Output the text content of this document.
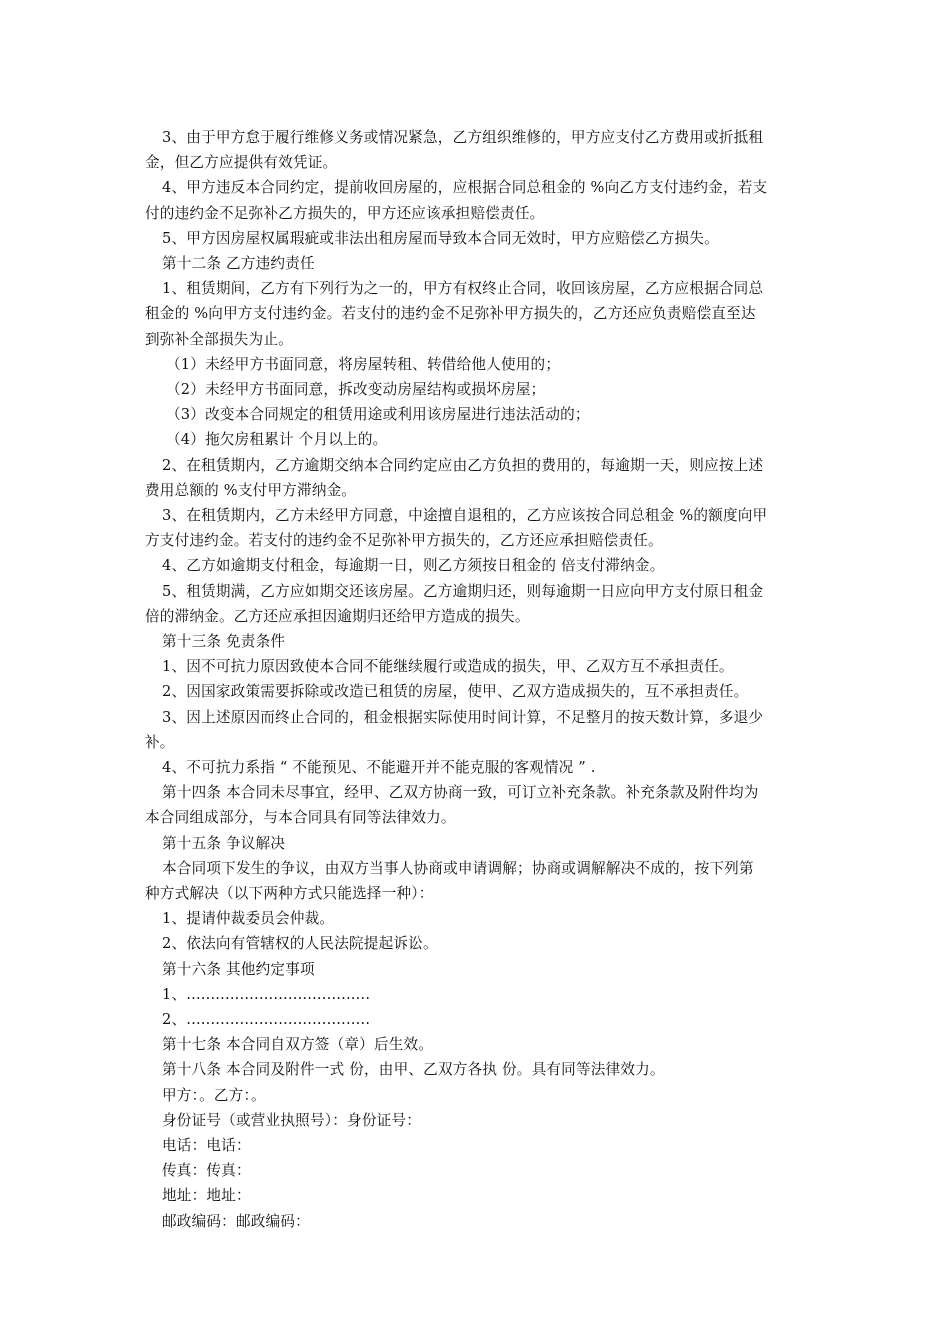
3、由于甲方怠于履行维修义务或情况紧急，乙方组织维修的，甲方应支付乙方费用或折抵租
金，但乙方应提供有效凭证。
4、甲方违反本合同约定，提前收回房屋的，应根据合同总租金的 %向乙方支付违约金，若支
付的违约金不足弥补乙方损失的，甲方还应该承担赔偿责任。
5、甲方因房屋权属瑕疵或非法出租房屋而导致本合同无效时，甲方应赔偿乙方损失。
第十二条 乙方违约责任
1、租赁期间，乙方有下列行为之一的，甲方有权终止合同，收回该房屋，乙方应根据合同总
租金的 %向甲方支付违约金。若支付的违约金不足弥补甲方损失的，乙方还应负责赔偿直至达
到弥补全部损失为止。
（1）未经甲方书面同意，将房屋转租、转借给他人使用的；
（2）未经甲方书面同意，拆改变动房屋结构或损坏房屋；
（3）改变本合同规定的租赁用途或利用该房屋进行违法活动的；
（4）拖欠房租累计 个月以上的。
2、在租赁期内，乙方逾期交纳本合同约定应由乙方负担的费用的，每逾期一天，则应按上述
费用总额的 %支付甲方滞纳金。
3、在租赁期内，乙方未经甲方同意，中途擅自退租的，乙方应该按合同总租金 %的额度向甲
方支付违约金。若支付的违约金不足弥补甲方损失的，乙方还应承担赔偿责任。
4、乙方如逾期支付租金，每逾期一日，则乙方须按日租金的 倍支付滞纳金。
5、租赁期满，乙方应如期交还该房屋。乙方逾期归还，则每逾期一日应向甲方支付原日租金
倍的滞纳金。乙方还应承担因逾期归还给甲方造成的损失。
第十三条 免责条件
1、因不可抗力原因致使本合同不能继续履行或造成的损失，甲、乙双方互不承担责任。
2、因国家政策需要拆除或改造已租赁的房屋，使甲、乙双方造成损失的，互不承担责任。
3、因上述原因而终止合同的，租金根据实际使用时间计算，不足整月的按天数计算，多退少
补。
4、不可抗力系指 “ 不能预见、不能避开并不能克服的客观情况 ” .
第十四条 本合同未尽事宜，经甲、乙双方协商一致，可订立补充条款。补充条款及附件均为
本合同组成部分，与本合同具有同等法律效力。
第十五条 争议解决
本合同项下发生的争议，由双方当事人协商或申请调解；协商或调解解决不成的，按下列第
种方式解决（以下两种方式只能选择一种）：
1、提请仲裁委员会仲裁。
2、依法向有管辖权的人民法院提起诉讼。
第十六条 其他约定事项
1、......................................
2、......................................
第十七条 本合同自双方签（章）后生效。
第十八条 本合同及附件一式 份，由甲、乙双方各执 份。具有同等法律效力。
甲方：。乙方：。
身份证号（或营业执照号）：身份证号：
电话：电话：
传真：传真：
地址：地址：
邮政编码：邮政编码：
